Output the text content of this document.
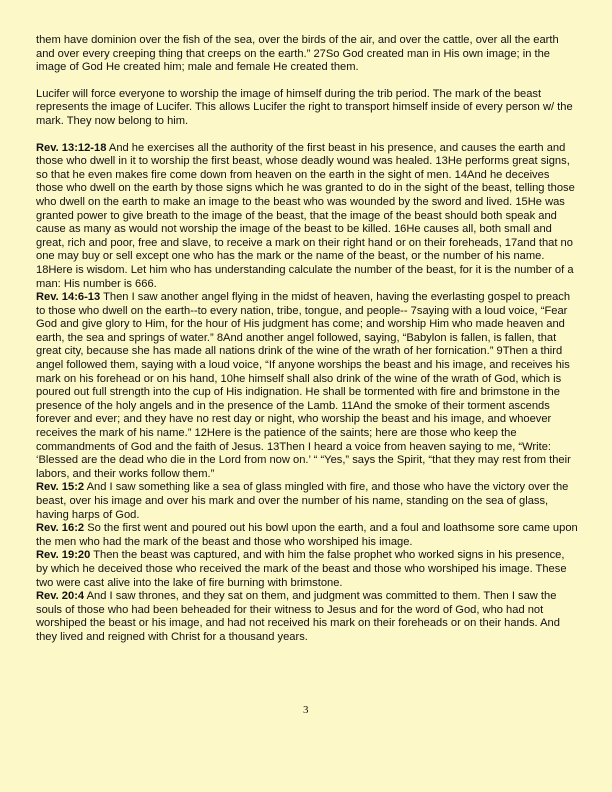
them have dominion over the fish of the sea, over the birds of the air, and over the cattle, over all the earth and over every creeping thing that creeps on the earth.” 27So God created man in His own image; in the image of God He created him; male and female He created them.

Lucifer will force everyone to worship the image of himself during the trib period. The mark of the beast represents the image of Lucifer. This allows Lucifer the right to transport himself inside of every person w/ the mark. They now belong to him.

Rev. 13:12-18 And he exercises all the authority of the first beast in his presence, and causes the earth and those who dwell in it to worship the first beast, whose deadly wound was healed. 13He performs great signs, so that he even makes fire come down from heaven on the earth in the sight of men. 14And he deceives those who dwell on the earth by those signs which he was granted to do in the sight of the beast, telling those who dwell on the earth to make an image to the beast who was wounded by the sword and lived. 15He was granted power to give breath to the image of the beast, that the image of the beast should both speak and cause as many as would not worship the image of the beast to be killed. 16He causes all, both small and great, rich and poor, free and slave, to receive a mark on their right hand or on their foreheads, 17and that no one may buy or sell except one who has the mark or the name of the beast, or the number of his name. 18Here is wisdom. Let him who has understanding calculate the number of the beast, for it is the number of a man: His number is 666.

Rev. 14:6-13 Then I saw another angel flying in the midst of heaven, having the everlasting gospel to preach to those who dwell on the earth--to every nation, tribe, tongue, and people-- 7saying with a loud voice, “Fear God and give glory to Him, for the hour of His judgment has come; and worship Him who made heaven and earth, the sea and springs of water.” 8And another angel followed, saying, “Babylon is fallen, is fallen, that great city, because she has made all nations drink of the wine of the wrath of her fornication.” 9Then a third angel followed them, saying with a loud voice, “If anyone worships the beast and his image, and receives his mark on his forehead or on his hand, 10he himself shall also drink of the wine of the wrath of God, which is poured out full strength into the cup of His indignation. He shall be tormented with fire and brimstone in the presence of the holy angels and in the presence of the Lamb. 11And the smoke of their torment ascends forever and ever; and they have no rest day or night, who worship the beast and his image, and whoever receives the mark of his name.” 12Here is the patience of the saints; here are those who keep the commandments of God and the faith of Jesus. 13Then I heard a voice from heaven saying to me, “Write: ‘Blessed are the dead who die in the Lord from now on.’ “ “Yes,” says the Spirit, “that they may rest from their labors, and their works follow them.”

Rev. 15:2 And I saw something like a sea of glass mingled with fire, and those who have the victory over the beast, over his image and over his mark and over the number of his name, standing on the sea of glass, having harps of God.

Rev. 16:2 So the first went and poured out his bowl upon the earth, and a foul and loathsome sore came upon the men who had the mark of the beast and those who worshiped his image.

Rev. 19:20 Then the beast was captured, and with him the false prophet who worked signs in his presence, by which he deceived those who received the mark of the beast and those who worshiped his image. These two were cast alive into the lake of fire burning with brimstone.

Rev. 20:4 And I saw thrones, and they sat on them, and judgment was committed to them. Then I saw the souls of those who had been beheaded for their witness to Jesus and for the word of God, who had not worshiped the beast or his image, and had not received his mark on their foreheads or on their hands. And they lived and reigned with Christ for a thousand years.

3
